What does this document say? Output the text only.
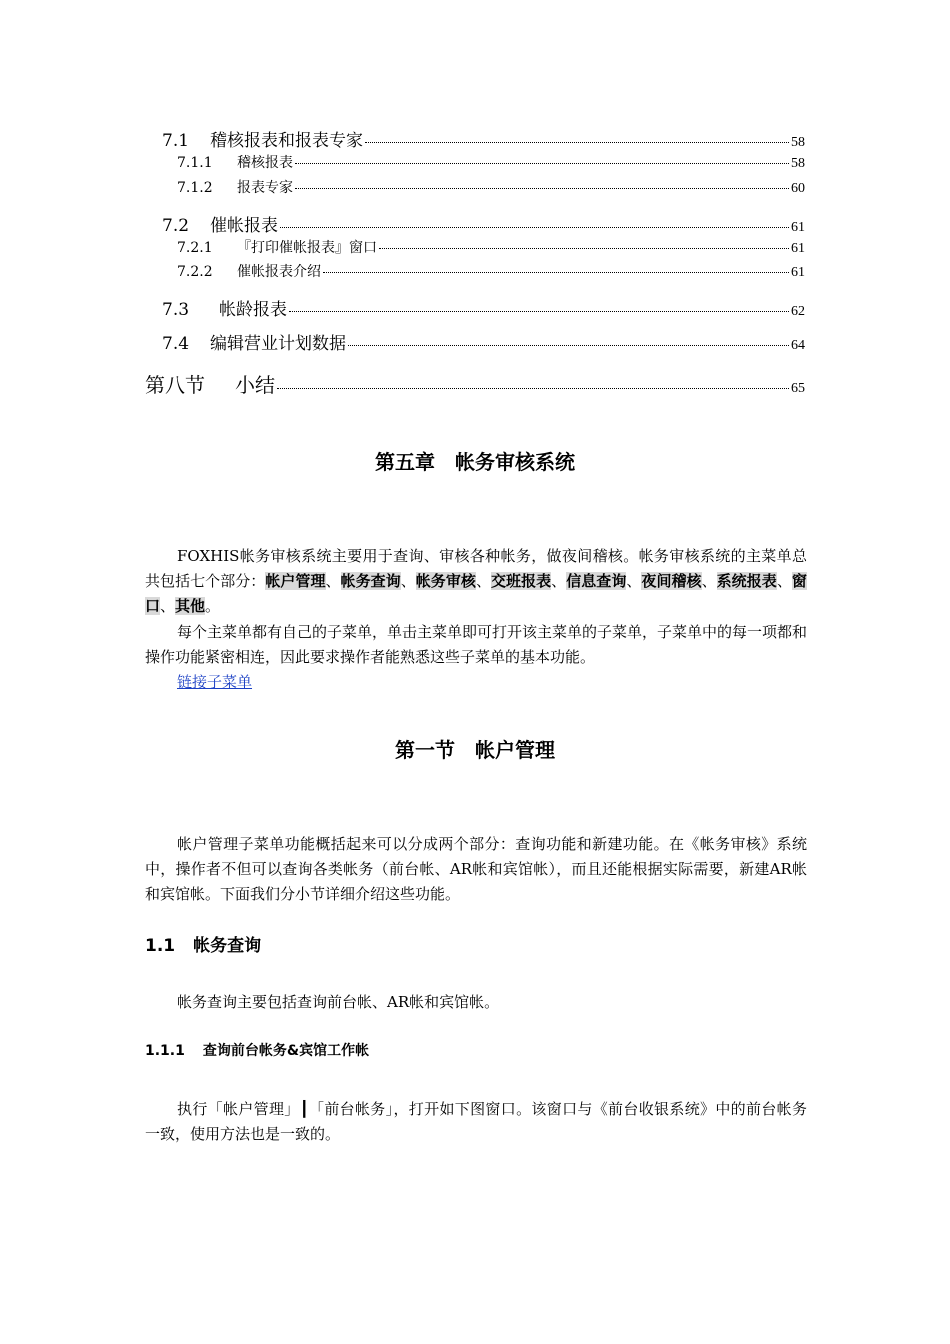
7.1	稽核报表和报表专家	58
7.1.1	稽核报表	58
7.1.2	报表专家	60
7.2	催帐报表	61
7.2.1	『打印催帐报表』窗口	61
7.2.2	催帐报表介绍	61
7.3	帐龄报表	62
7.4	编辑营业计划数据	64
第八节	小结	65
第五章　帐务审核系统
FOXHIS帐务审核系统主要用于查询、审核各种帐务，做夜间稽核。帐务审核系统的主菜单总共包括七个部分：帐户管理、帐务查询、帐务审核、交班报表、信息查询、夜间稽核、系统报表、窗口、其他。
每个主菜单都有自己的子菜单，单击主菜单即可打开该主菜单的子菜单，子菜单中的每一项都和操作功能紧密相连，因此要求操作者能熟悉这些子菜单的基本功能。
链接子菜单
第一节　帐户管理
帐户管理子菜单功能概括起来可以分成两个部分：查询功能和新建功能。在《帐务审核》系统中，操作者不但可以查询各类帐务（前台帐、AR帐和宾馆帐），而且还能根据实际需要，新建AR帐和宾馆帐。下面我们分小节详细介绍这些功能。
1.1 帐务查询
帐务查询主要包括查询前台帐、AR帐和宾馆帐。
1.1.1 查询前台帐务&宾馆工作帐
执行「帐户管理」┃「前台帐务」，打开如下图窗口。该窗口与《前台收银系统》中的前台帐务一致，使用方法也是一致的。
